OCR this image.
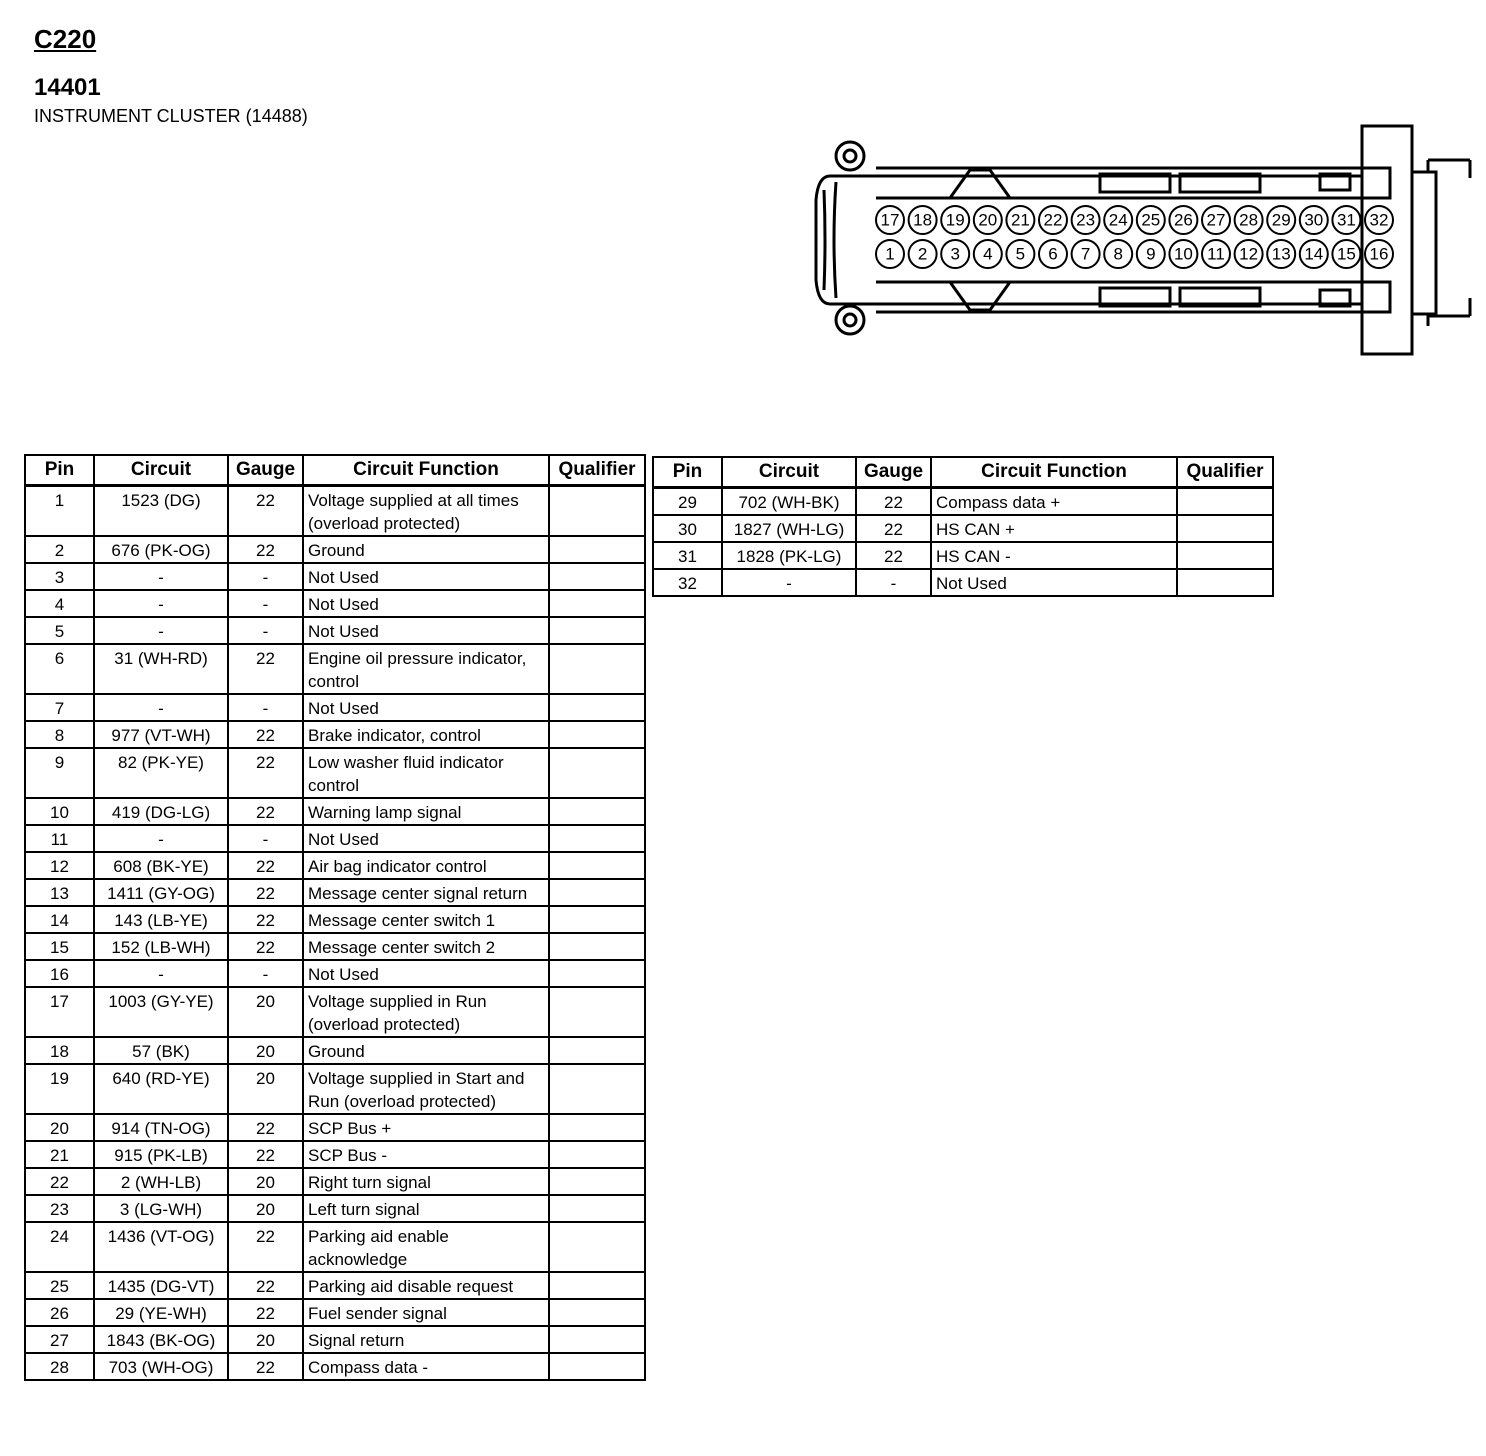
C220
14401
INSTRUMENT CLUSTER (14488)
17 18 19 20 21 22 23 24 25 26 27 28 29 30 31 32
1 2 3 4 5 6 7 8 9 10 11 12 13 14 15 16
Pin	Circuit	Gauge	Circuit Function	Qualifier
1	1523 (DG)	22	Voltage supplied at all times (overload protected)	
2	676 (PK-OG)	22	Ground	
3	-	-	Not Used	
4	-	-	Not Used	
5	-	-	Not Used	
6	31 (WH-RD)	22	Engine oil pressure indicator, control	
7	-	-	Not Used	
8	977 (VT-WH)	22	Brake indicator, control	
9	82 (PK-YE)	22	Low washer fluid indicator control	
10	419 (DG-LG)	22	Warning lamp signal	
11	-	-	Not Used	
12	608 (BK-YE)	22	Air bag indicator control	
13	1411 (GY-OG)	22	Message center signal return	
14	143 (LB-YE)	22	Message center switch 1	
15	152 (LB-WH)	22	Message center switch 2	
16	-	-	Not Used	
17	1003 (GY-YE)	20	Voltage supplied in Run (overload protected)	
18	57 (BK)	20	Ground	
19	640 (RD-YE)	20	Voltage supplied in Start and Run (overload protected)	
20	914 (TN-OG)	22	SCP Bus +	
21	915 (PK-LB)	22	SCP Bus -	
22	2 (WH-LB)	20	Right turn signal	
23	3 (LG-WH)	20	Left turn signal	
24	1436 (VT-OG)	22	Parking aid enable acknowledge	
25	1435 (DG-VT)	22	Parking aid disable request	
26	29 (YE-WH)	22	Fuel sender signal	
27	1843 (BK-OG)	20	Signal return	
28	703 (WH-OG)	22	Compass data -	
Pin	Circuit	Gauge	Circuit Function	Qualifier
29	702 (WH-BK)	22	Compass data +	
30	1827 (WH-LG)	22	HS CAN +	
31	1828 (PK-LG)	22	HS CAN -	
32	-	-	Not Used	
